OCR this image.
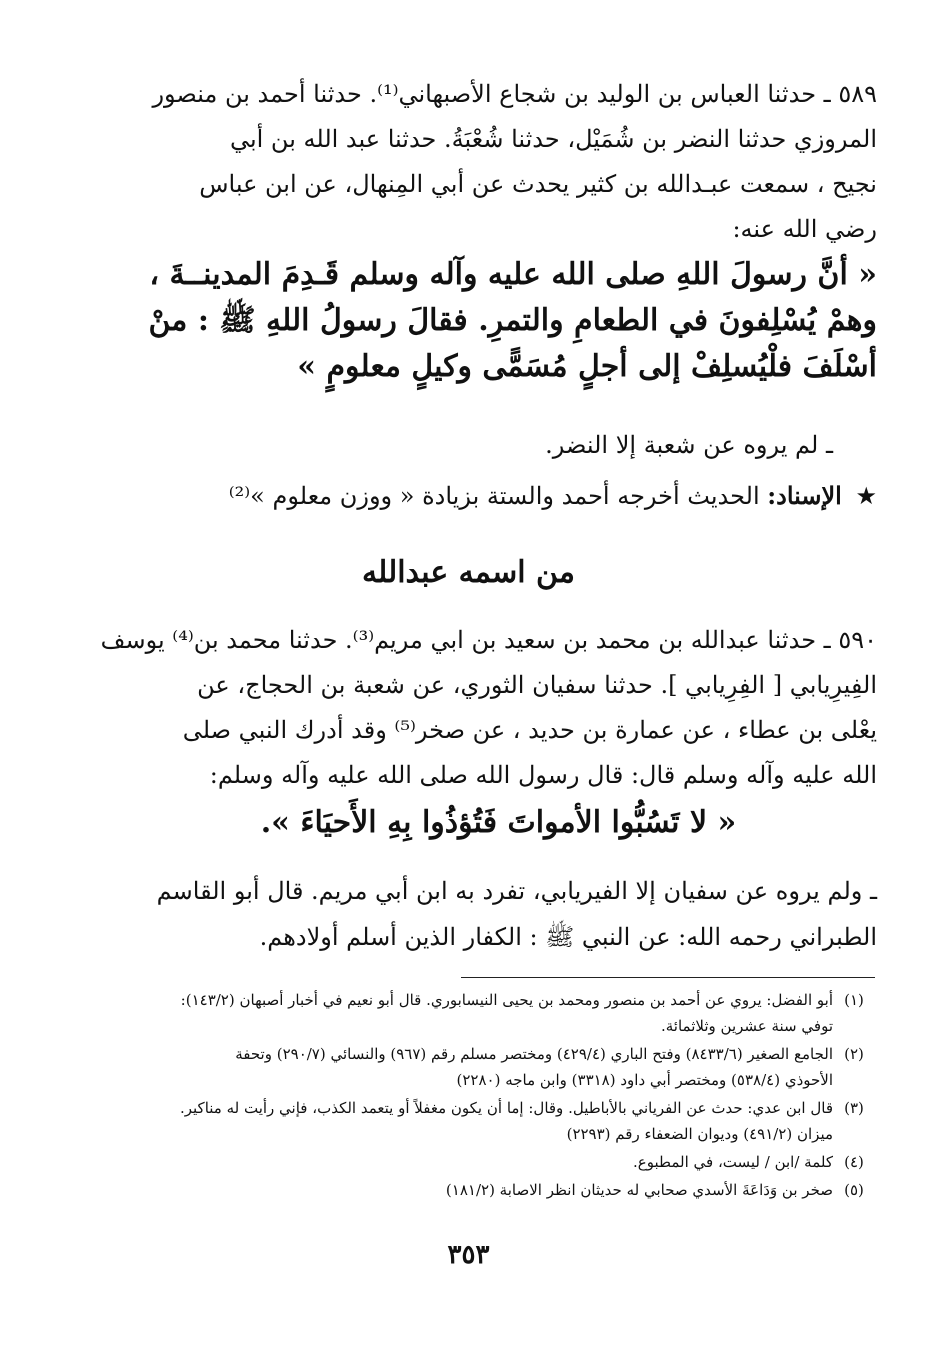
٥٨٩ ـ حدثنا العباس بن الوليد بن شجاع الأصبهاني⁽¹⁾. حدثنا أحمد بن منصور
المروزي حدثنا النضر بن شُمَيْل، حدثنا شُعْبَةُ. حدثنا عبد الله بن أبي
نجيح ، سمعت عبـدالله بن كثير يحدث عن أبي المِنهال، عن ابن عباس
رضي الله عنه:
« أنَّ رسولَ اللهِ صلى الله عليه وآله وسلم قَـدِمَ المدينــةَ ،
وهمْ يُسْلِفونَ في الطعامِ والتمرِ. فقالَ رسولُ اللهِ ﷺ : منْ
أسْلَفَ فلْيُسلِفْ إلى أجلٍ مُسَمًّى وكيلٍ معلومٍ »
ـ لم يروه عن شعبة إلا النضر.
★ الإسناد: الحديث أخرجه أحمد والستة بزيادة « ووزن معلوم »⁽²⁾
من اسمه عبدالله
٥٩٠ ـ حدثنا عبدالله بن محمد بن سعيد بن ابي مريم⁽³⁾. حدثنا محمد بن⁽⁴⁾ يوسف
الفِيرِيابي [ الفِرِيابي ]. حدثنا سفيان الثوري، عن شعبة بن الحجاج، عن
يعْلى بن عطاء ، عن عمارة بن حديد ، عن صخر⁽⁵⁾ وقد أدرك النبي صلى
الله عليه وآله وسلم قال: قال رسول الله صلى الله عليه وآله وسلم:
« لا تَسُبُّوا الأمواتَ فَتُؤذُوا بِهِ الأَحيَاءَ ».
ـ ولم يروه عن سفيان إلا الفيريابي، تفرد به ابن أبي مريم. قال أبو القاسم
الطبراني رحمه الله: عن النبي ﷺ : الكفار الذين أسلم أولادهم.
(١)
أبو الفضل: يروي عن أحمد بن منصور ومحمد بن يحيى النيسابوري. قال أبو نعيم في أخبار أصبهان (١٤٣/٢):
توفي سنة عشرين وثلاثمائة.
(٢)
الجامع الصغير (٨٤٣٣/٦) وفتح الباري (٤٢٩/٤) ومختصر مسلم رقم (٩٦٧) والنسائي (٢٩٠/٧) وتحفة
الأحوذي (٥٣٨/٤) ومختصر أبي داود (٣٣١٨) وابن ماجه (٢٢٨٠)
(٣)
قال ابن عدي: حدث عن الفرياني بالأباطيل. وقال: إما أن يكون مغفلاً أو يتعمد الكذب، فإني رأيت له مناكير.
ميزان (٤٩١/٢) وديوان الضعفاء رقم (٢٢٩٣)
(٤)
كلمة /ابن / ليست، في المطبوع.
(٥)
صخر بن وَدَاعَةَ الأسدي صحابي له حديثان انظر الاصابة (١٨١/٢)
٣٥٣
